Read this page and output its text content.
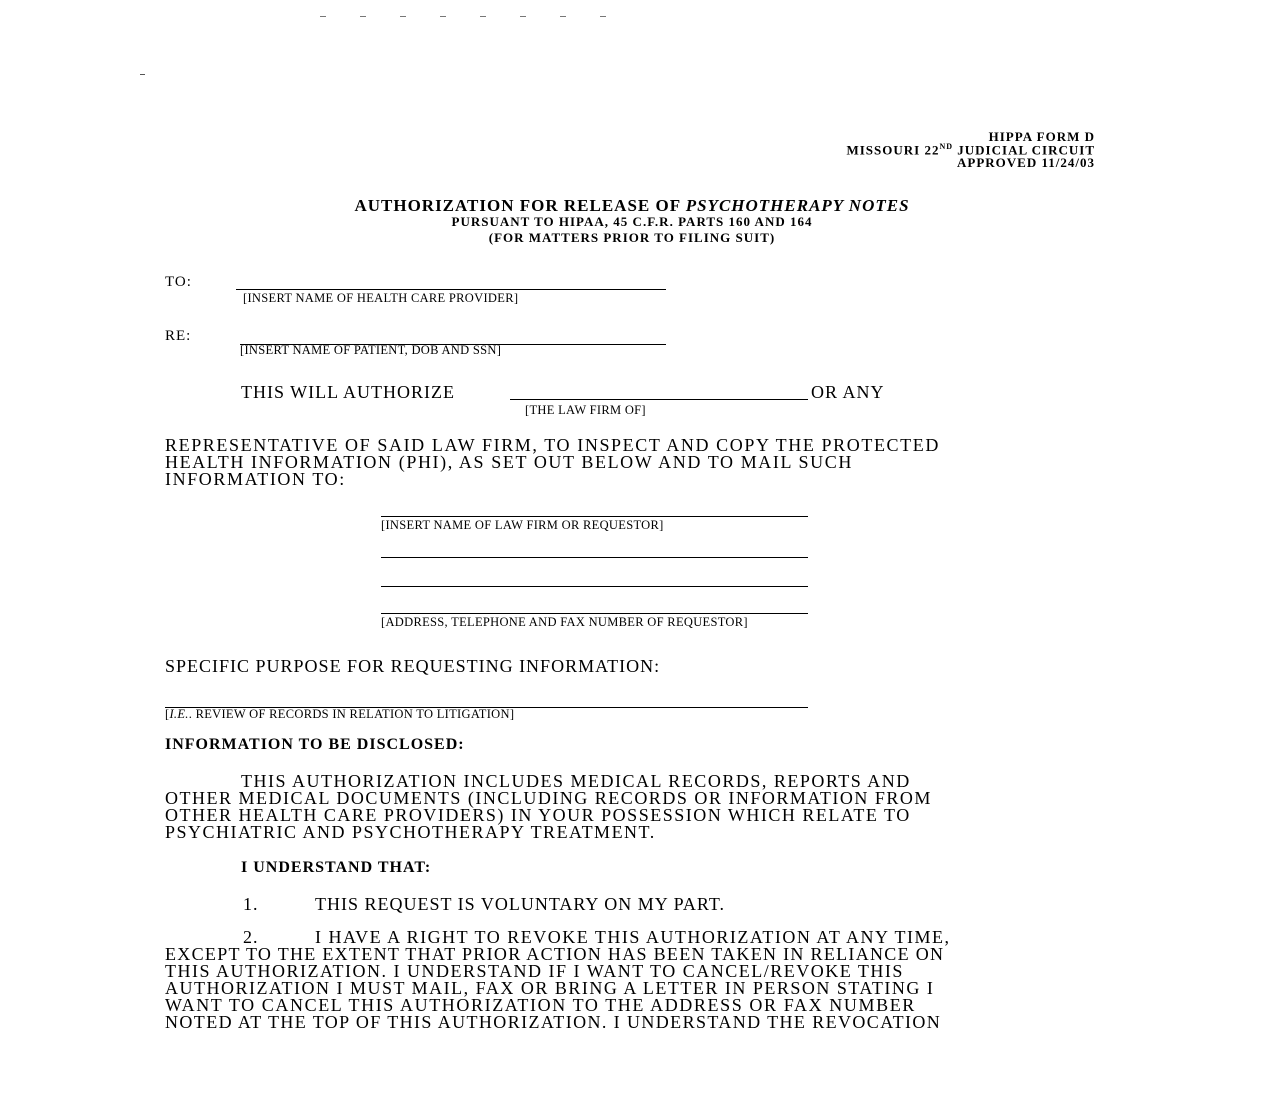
HIPPA FORM D
MISSOURI 22ND JUDICIAL CIRCUIT
APPROVED 11/24/03
AUTHORIZATION FOR RELEASE OF PSYCHOTHERAPY NOTES
PURSUANT TO HIPAA, 45 C.F.R. PARTS 160 AND 164
(FOR MATTERS PRIOR TO FILING SUIT)
TO:
[INSERT NAME OF HEALTH CARE PROVIDER]
RE:
[INSERT NAME OF PATIENT, DOB AND SSN]
THIS WILL AUTHORIZE	OR ANY
[THE LAW FIRM OF]
REPRESENTATIVE OF SAID LAW FIRM, TO INSPECT AND COPY THE PROTECTED
HEALTH INFORMATION (PHI), AS SET OUT BELOW AND TO MAIL SUCH
INFORMATION TO:
[INSERT NAME OF LAW FIRM OR REQUESTOR]
[ADDRESS, TELEPHONE AND FAX NUMBER OF REQUESTOR]
SPECIFIC PURPOSE FOR REQUESTING INFORMATION:
[I.E.. REVIEW OF RECORDS IN RELATION TO LITIGATION]
INFORMATION TO BE DISCLOSED:
THIS AUTHORIZATION INCLUDES MEDICAL RECORDS, REPORTS AND
OTHER MEDICAL DOCUMENTS (INCLUDING RECORDS OR INFORMATION FROM
OTHER HEALTH CARE PROVIDERS) IN YOUR POSSESSION WHICH RELATE TO
PSYCHIATRIC AND PSYCHOTHERAPY TREATMENT.
I UNDERSTAND THAT:
1.	THIS REQUEST IS VOLUNTARY ON MY PART.
2.	I HAVE A RIGHT TO REVOKE THIS AUTHORIZATION AT ANY TIME,
EXCEPT TO THE EXTENT THAT PRIOR ACTION HAS BEEN TAKEN IN RELIANCE ON
THIS AUTHORIZATION. I UNDERSTAND IF I WANT TO CANCEL/REVOKE THIS
AUTHORIZATION I MUST MAIL, FAX OR BRING A LETTER IN PERSON STATING I
WANT TO CANCEL THIS AUTHORIZATION TO THE ADDRESS OR FAX NUMBER
NOTED AT THE TOP OF THIS AUTHORIZATION. I UNDERSTAND THE REVOCATION
